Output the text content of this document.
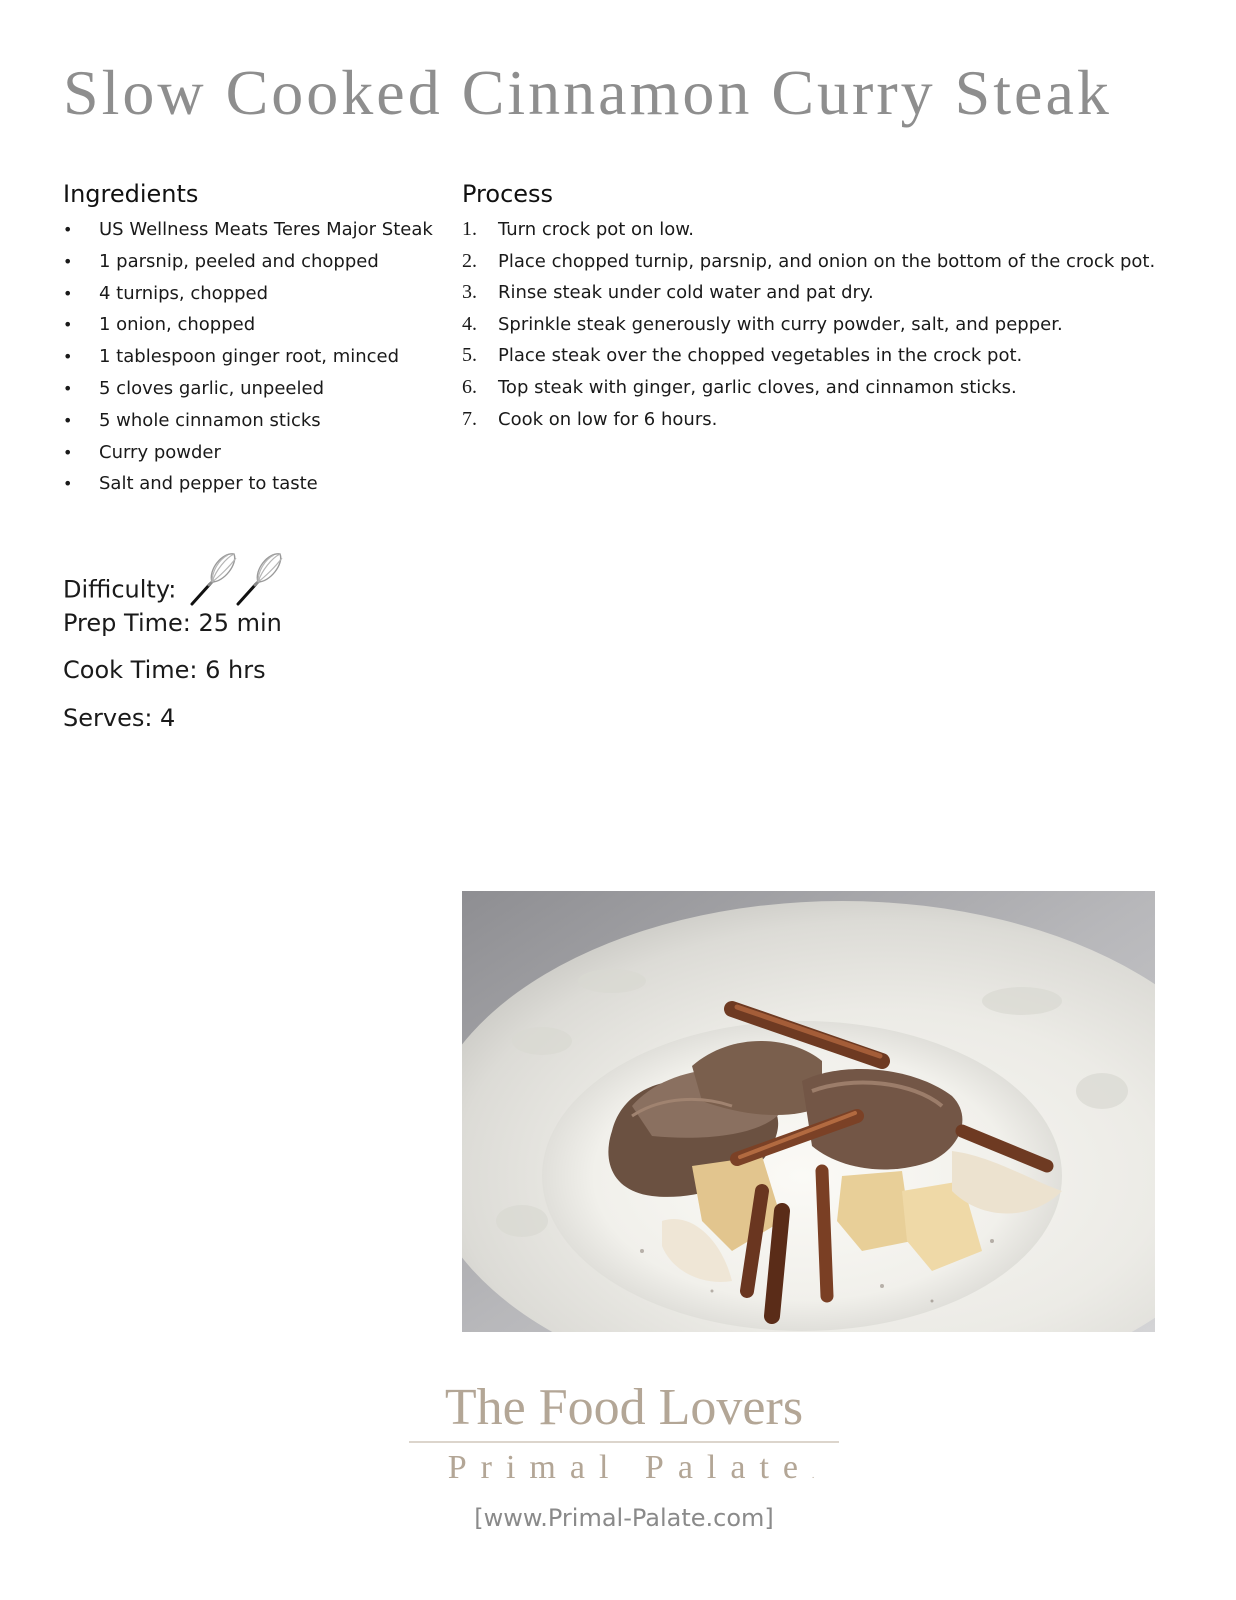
Slow Cooked Cinnamon Curry Steak
Ingredients
• US Wellness Meats Teres Major Steak
• 1 parsnip, peeled and chopped
• 4 turnips, chopped
• 1 onion, chopped
• 1 tablespoon ginger root, minced
• 5 cloves garlic, unpeeled
• 5 whole cinnamon sticks
• Curry powder
• Salt and pepper to taste
Process
1. Turn crock pot on low.
2. Place chopped turnip, parsnip, and onion on the bottom of the crock pot.
3. Rinse steak under cold water and pat dry.
4. Sprinkle steak generously with curry powder, salt, and pepper.
5. Place steak over the chopped vegetables in the crock pot.
6. Top steak with ginger, garlic cloves, and cinnamon sticks.
7. Cook on low for 6 hours.
Difficulty:
Prep Time: 25 min
Cook Time: 6 hrs
Serves: 4
The Food Lovers
Primal Palate.
[www.Primal-Palate.com]
